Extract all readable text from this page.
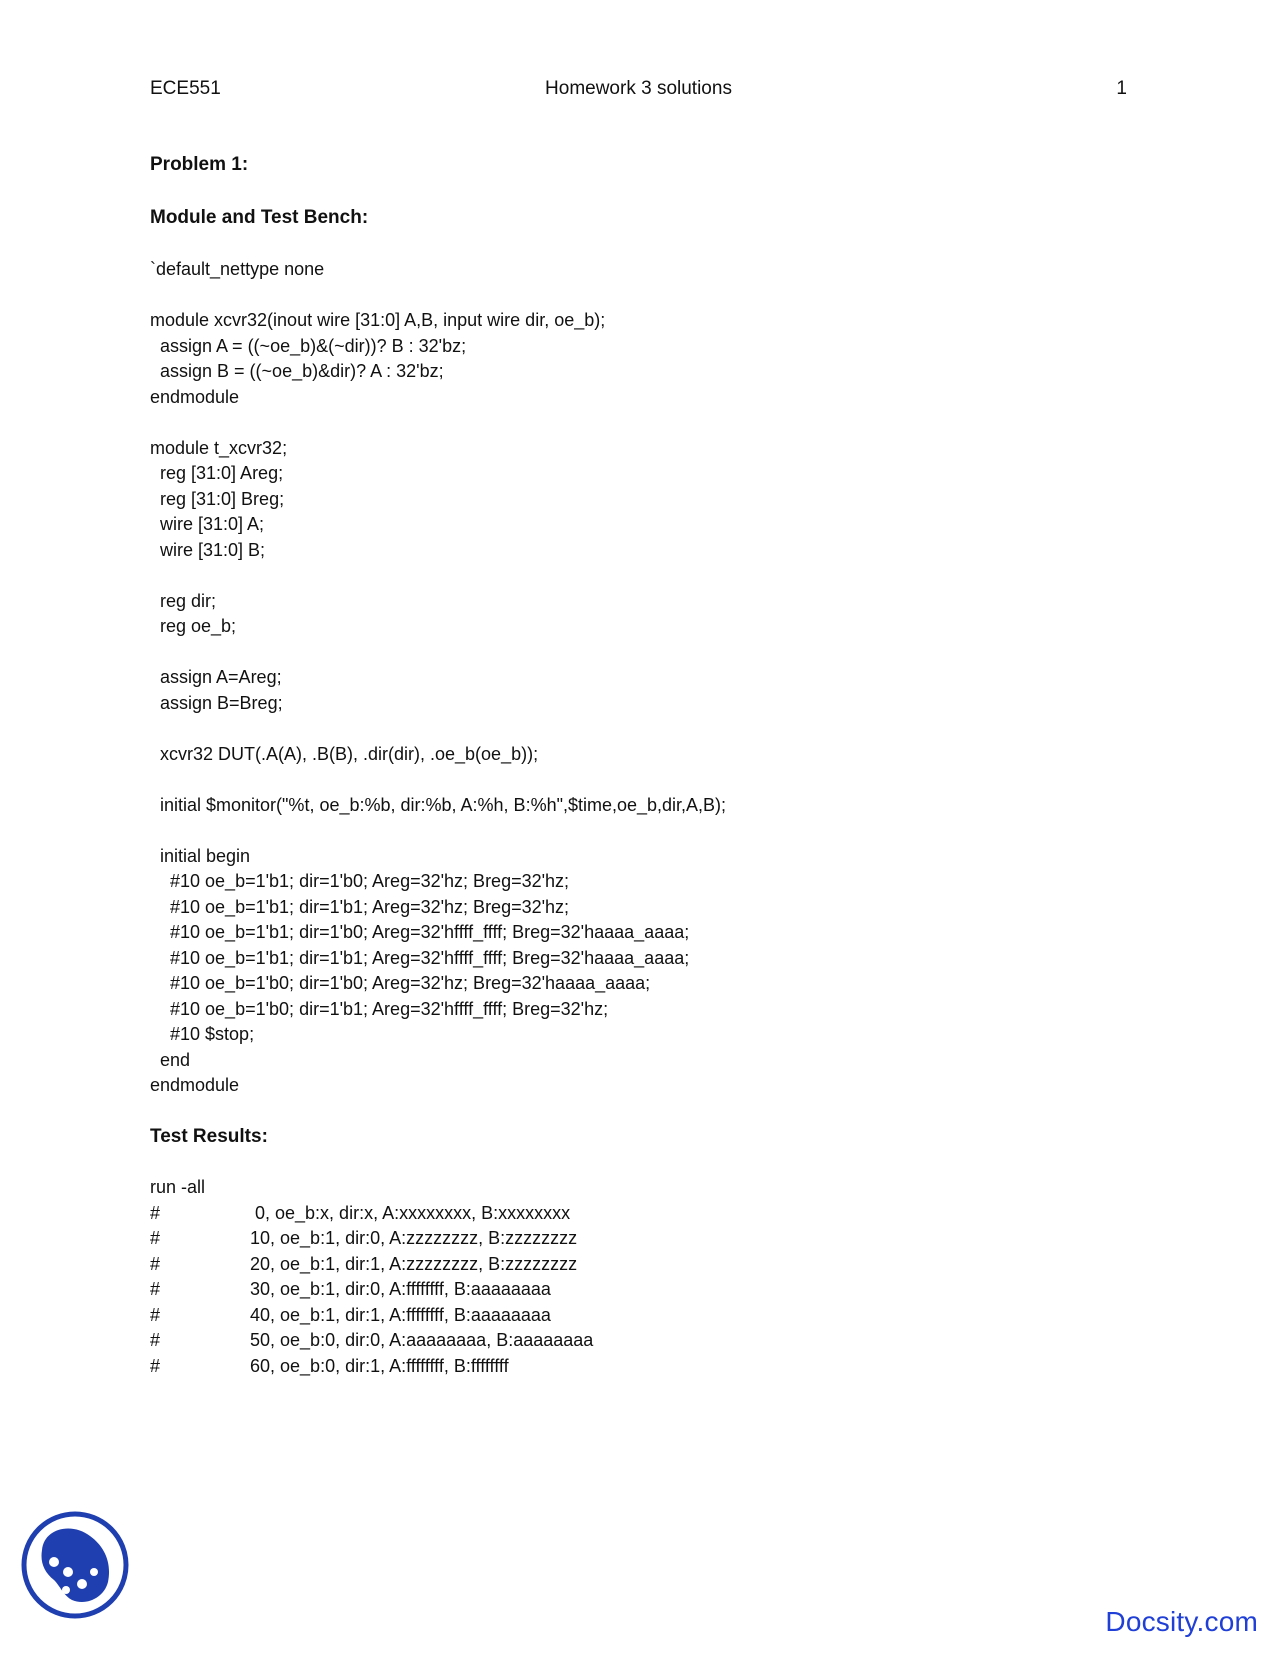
ECE551	Homework 3 solutions	1
Problem 1:
Module and Test Bench:
`default_nettype none
module xcvr32(inout wire [31:0] A,B, input wire dir, oe_b);
assign A = ((~oe_b)&(~dir))? B : 32'bz;
assign B = ((~oe_b)&dir)? A : 32'bz;
endmodule
module t_xcvr32;
reg [31:0] Areg;
reg [31:0] Breg;
wire [31:0] A;
wire [31:0] B;
reg dir;
reg oe_b;
assign A=Areg;
assign B=Breg;
xcvr32 DUT(.A(A), .B(B), .dir(dir), .oe_b(oe_b));
initial $monitor("%t, oe_b:%b, dir:%b, A:%h, B:%h",$time,oe_b,dir,A,B);
initial begin
#10 oe_b=1'b1; dir=1'b0; Areg=32'hz; Breg=32'hz;
#10 oe_b=1'b1; dir=1'b1; Areg=32'hz; Breg=32'hz;
#10 oe_b=1'b1; dir=1'b0; Areg=32'hffff_ffff; Breg=32'haaaa_aaaa;
#10 oe_b=1'b1; dir=1'b1; Areg=32'hffff_ffff; Breg=32'haaaa_aaaa;
#10 oe_b=1'b0; dir=1'b0; Areg=32'hz; Breg=32'haaaa_aaaa;
#10 oe_b=1'b0; dir=1'b1; Areg=32'hffff_ffff; Breg=32'hz;
#10 $stop;
end
endmodule
Test Results:
run -all

#

	0, oe_b:x, dir:x, A:xxxxxxxx, B:xxxxxxxx

#

	10, oe_b:1, dir:0, A:zzzzzzzz, B:zzzzzzzz

#

	20, oe_b:1, dir:1, A:zzzzzzzz, B:zzzzzzzz

#

	30, oe_b:1, dir:0, A:ffffffff, B:aaaaaaaa

#

	40, oe_b:1, dir:1, A:ffffffff, B:aaaaaaaa

#

	50, oe_b:0, dir:0, A:aaaaaaaa, B:aaaaaaaa

#

	60, oe_b:0, dir:1, A:ffffffff, B:ffffffff

Docsity.com
